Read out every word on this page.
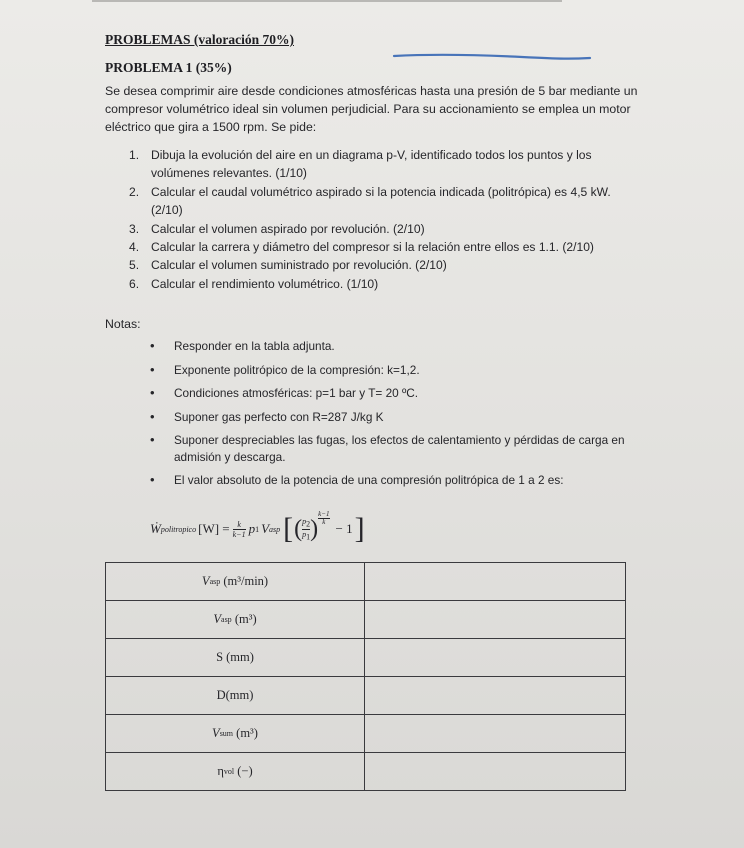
PROBLEMAS (valoración 70%)
PROBLEMA 1 (35%)

Se desea comprimir aire desde condiciones atmosféricas hasta una presión de 5 bar mediante un compresor volumétrico ideal sin volumen perjudicial. Para su accionamiento se emplea un motor eléctrico que gira a 1500 rpm. Se pide:

1. Dibuja la evolución del aire en un diagrama p-V, identificado todos los puntos y los volúmenes relevantes. (1/10)
2. Calcular el caudal volumétrico aspirado si la potencia indicada (politrópica) es 4,5 kW. (2/10)
3. Calcular el volumen aspirado por revolución. (2/10)
4. Calcular la carrera y diámetro del compresor si la relación entre ellos es 1.1. (2/10)
5. Calcular el volumen suministrado por revolución. (2/10)
6. Calcular el rendimiento volumétrico. (1/10)
Notas:
• Responder en la tabla adjunta.
• Exponente politrópico de la compresión: k=1,2.
• Condiciones atmosféricas: p=1 bar y T= 20 ºC.
• Suponer gas perfecto con R=287 J/kg K
• Suponer despreciables las fugas, los efectos de calentamiento y pérdidas de carga en admisión y descarga.
• El valor absoluto de la potencia de una compresión politrópica de 1 a 2 es:
Ẇ politropico $[W] = \frac{k}{k-1}$ p 1 V asp [ ( $\frac{p_2}{p_1}$ ) $\frac{k-1}{k}$
− 1 ]
V asp
(m³/min)
V asp
(m³)
S
(mm)
D (mm)
V sum
(m³)
η vol
(−)
